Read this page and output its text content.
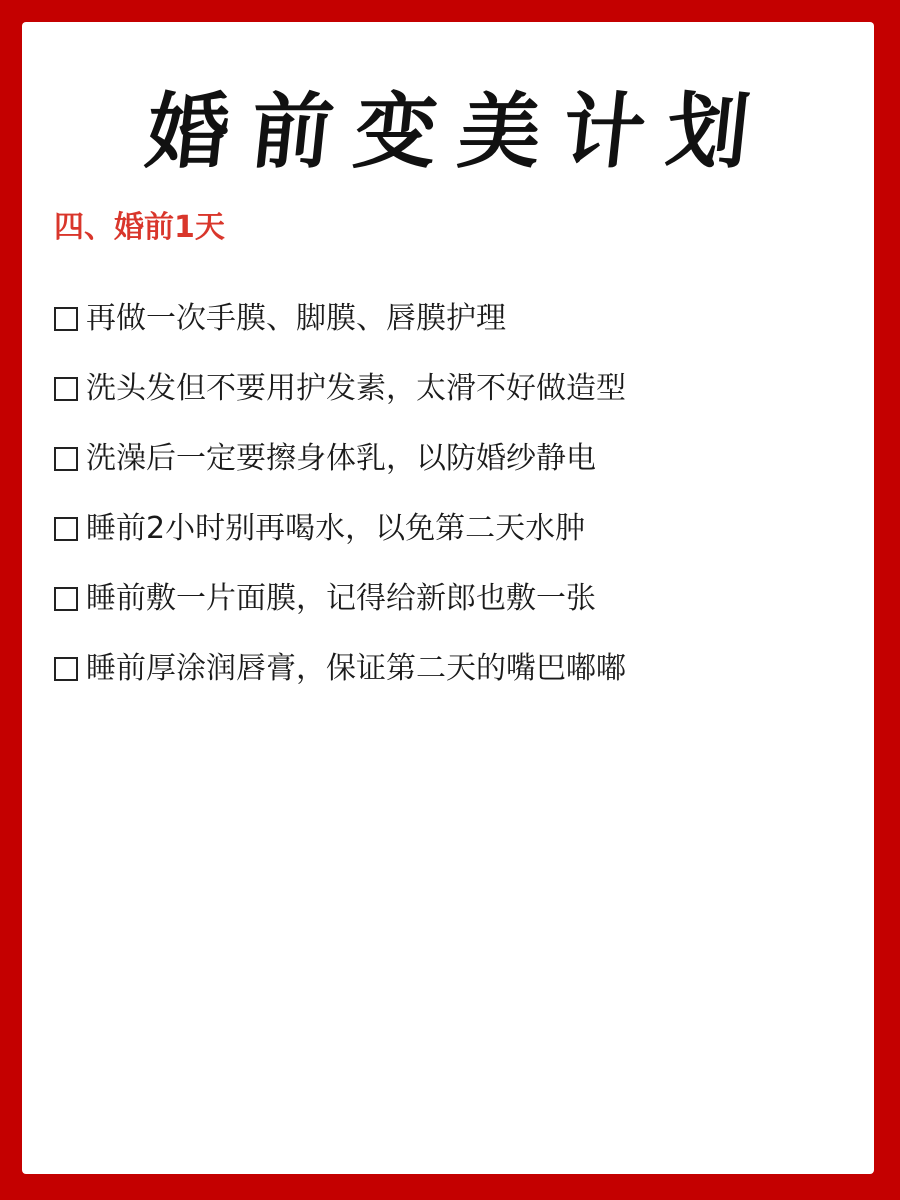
婚前变美计划
四、婚前1天
再做一次手膜、脚膜、唇膜护理
洗头发但不要用护发素，太滑不好做造型
洗澡后一定要擦身体乳，以防婚纱静电
睡前2小时别再喝水，以免第二天水肿
睡前敷一片面膜，记得给新郎也敷一张
睡前厚涂润唇膏，保证第二天的嘴巴嘟嘟
